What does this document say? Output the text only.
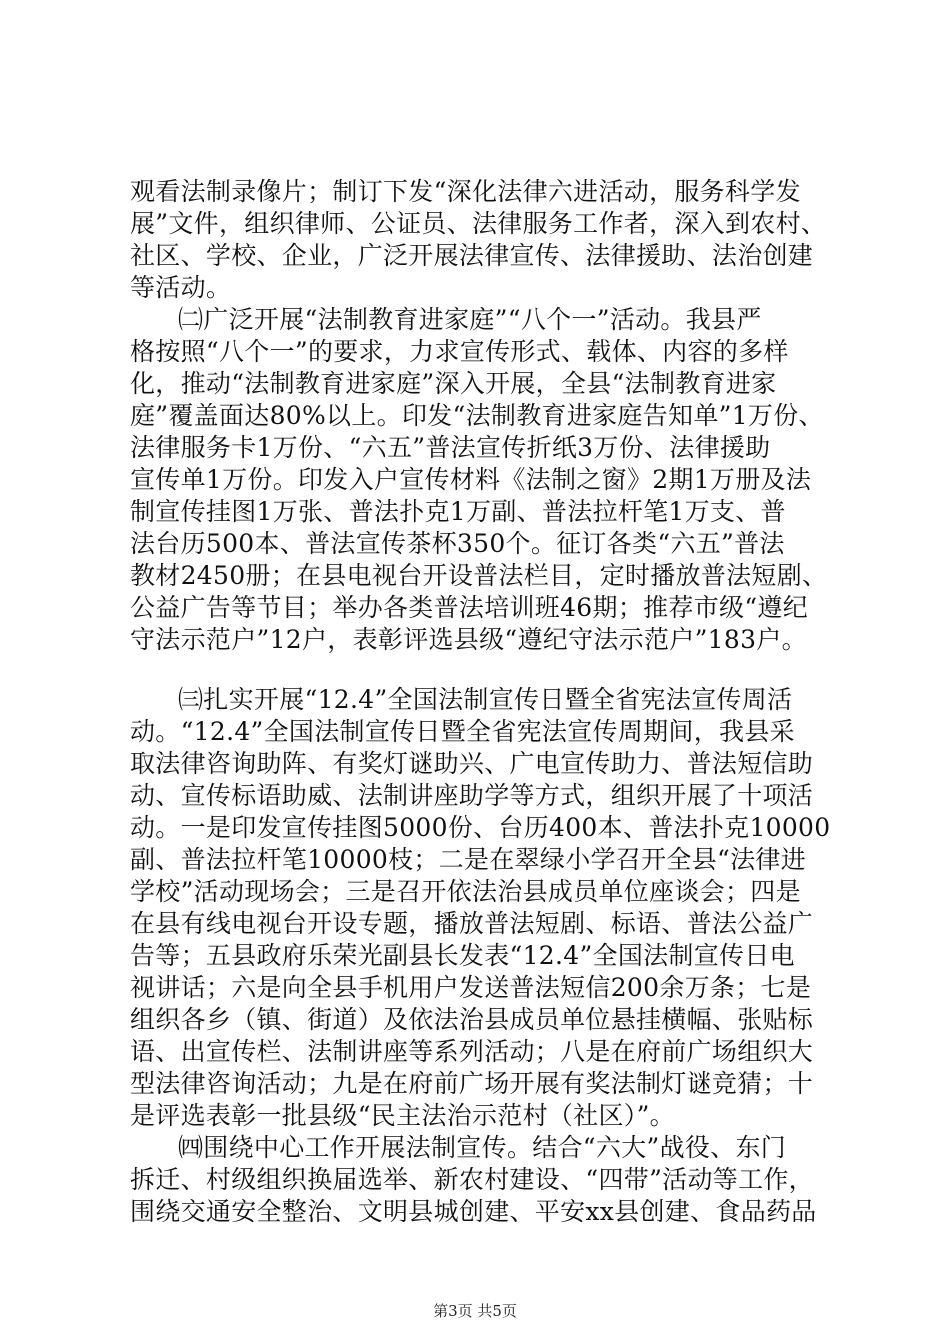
观看法制录像片；制订下发“深化法律六进活动，服务科学发
展”文件，组织律师、公证员、法律服务工作者，深入到农村、
社区、学校、企业，广泛开展法律宣传、法律援助、法治创建
等活动。
㈡广泛开展“法制教育进家庭”“八个一”活动。我县严
格按照“八个一”的要求，力求宣传形式、载体、内容的多样
化，推动“法制教育进家庭”深入开展，全县“法制教育进家
庭”覆盖面达80%以上。印发“法制教育进家庭告知单”1万份、
法律服务卡1万份、“六五”普法宣传折纸3万份、法律援助
宣传单1万份。印发入户宣传材料《法制之窗》2期1万册及法
制宣传挂图1万张、普法扑克1万副、普法拉杆笔1万支、普
法台历500本、普法宣传茶杯350个。征订各类“六五”普法
教材2450册；在县电视台开设普法栏目，定时播放普法短剧、
公益广告等节目；举办各类普法培训班46期；推荐市级“遵纪
守法示范户”12户，表彰评选县级“遵纪守法示范户”183户。
㈢扎实开展“12.4”全国法制宣传日暨全省宪法宣传周活
动。“12.4”全国法制宣传日暨全省宪法宣传周期间，我县采
取法律咨询助阵、有奖灯谜助兴、广电宣传助力、普法短信助
动、宣传标语助威、法制讲座助学等方式，组织开展了十项活
动。一是印发宣传挂图5000份、台历400本、普法扑克10000
副、普法拉杆笔10000枝；二是在翠绿小学召开全县“法律进
学校”活动现场会；三是召开依法治县成员单位座谈会；四是
在县有线电视台开设专题，播放普法短剧、标语、普法公益广
告等；五县政府乐荣光副县长发表“12.4”全国法制宣传日电
视讲话；六是向全县手机用户发送普法短信200余万条；七是
组织各乡（镇、街道）及依法治县成员单位悬挂横幅、张贴标
语、出宣传栏、法制讲座等系列活动；八是在府前广场组织大
型法律咨询活动；九是在府前广场开展有奖法制灯谜竞猜；十
是评选表彰一批县级“民主法治示范村（社区）”。
㈣围绕中心工作开展法制宣传。结合“六大”战役、东门
拆迁、村级组织换届选举、新农村建设、“四带”活动等工作，
围绕交通安全整治、文明县城创建、平安xx县创建、食品药品
第3页 共5页
